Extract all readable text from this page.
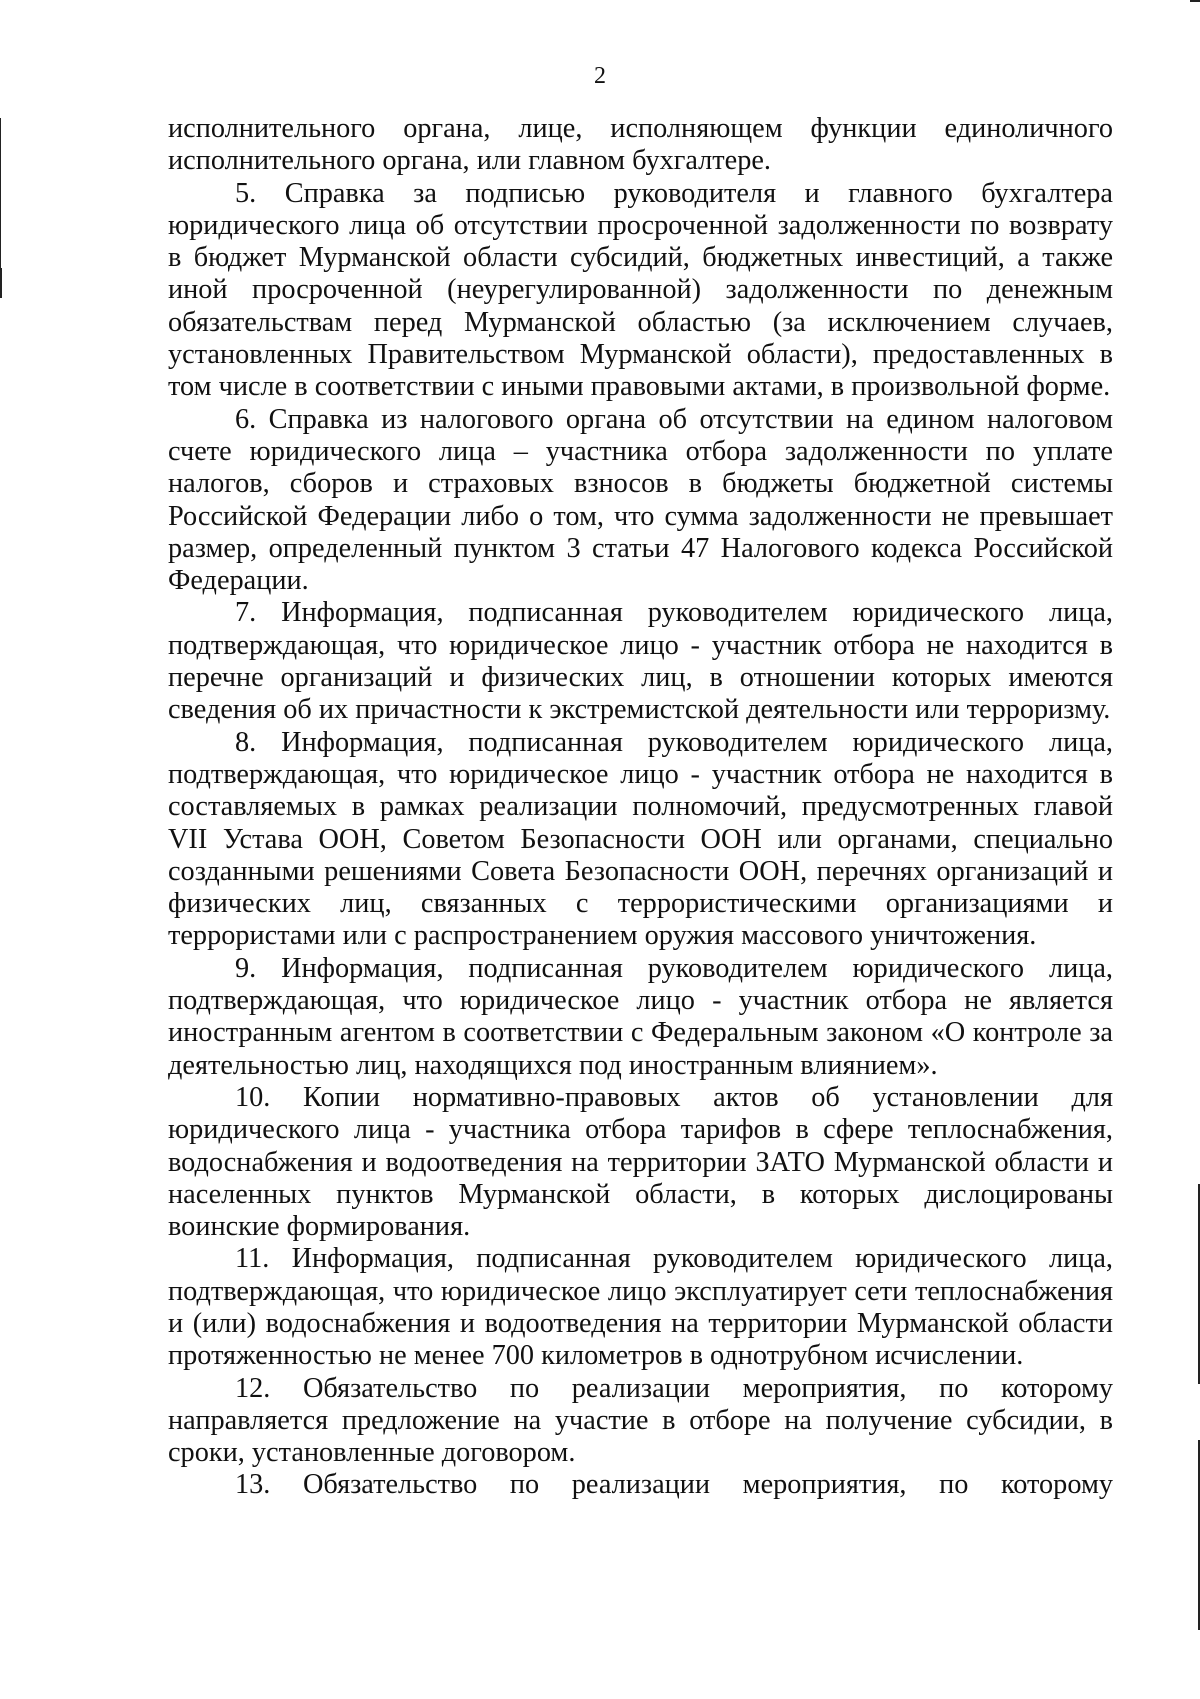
2

исполнительного органа, лице, исполняющем функции единоличного исполнительного органа, или главном бухгалтере.

5. Справка за подписью руководителя и главного бухгалтера юридического лица об отсутствии просроченной задолженности по возврату в бюджет Мурманской области субсидий, бюджетных инвестиций, а также иной просроченной (неурегулированной) задолженности по денежным обязательствам перед Мурманской областью (за исключением случаев, установленных Правительством Мурманской области), предоставленных в том числе в соответствии с иными правовыми актами, в произвольной форме.

6. Справка из налогового органа об отсутствии на едином налоговом счете юридического лица – участника отбора задолженности по уплате налогов, сборов и страховых взносов в бюджеты бюджетной системы Российской Федерации либо о том, что сумма задолженности не превышает размер, определенный пунктом 3 статьи 47 Налогового кодекса Российской Федерации.

7. Информация, подписанная руководителем юридического лица, подтверждающая, что юридическое лицо - участник отбора не находится в перечне организаций и физических лиц, в отношении которых имеются сведения об их причастности к экстремистской деятельности или терроризму.

8. Информация, подписанная руководителем юридического лица, подтверждающая, что юридическое лицо - участник отбора не находится в составляемых в рамках реализации полномочий, предусмотренных главой VII Устава ООН, Советом Безопасности ООН или органами, специально созданными решениями Совета Безопасности ООН, перечнях организаций и физических лиц, связанных с террористическими организациями и террористами или с распространением оружия массового уничтожения.

9. Информация, подписанная руководителем юридического лица, подтверждающая, что юридическое лицо - участник отбора не является иностранным агентом в соответствии с Федеральным законом «О контроле за деятельностью лиц, находящихся под иностранным влиянием».

10. Копии нормативно-правовых актов об установлении для юридического лица - участника отбора тарифов в сфере теплоснабжения, водоснабжения и водоотведения на территории ЗАТО Мурманской области и населенных пунктов Мурманской области, в которых дислоцированы воинские формирования.

11. Информация, подписанная руководителем юридического лица, подтверждающая, что юридическое лицо эксплуатирует сети теплоснабжения и (или) водоснабжения и водоотведения на территории Мурманской области протяженностью не менее 700 километров в однотрубном исчислении.

12. Обязательство по реализации мероприятия, по которому направляется предложение на участие в отборе на получение субсидии, в сроки, установленные договором.

13. Обязательство по реализации мероприятия, по которому
